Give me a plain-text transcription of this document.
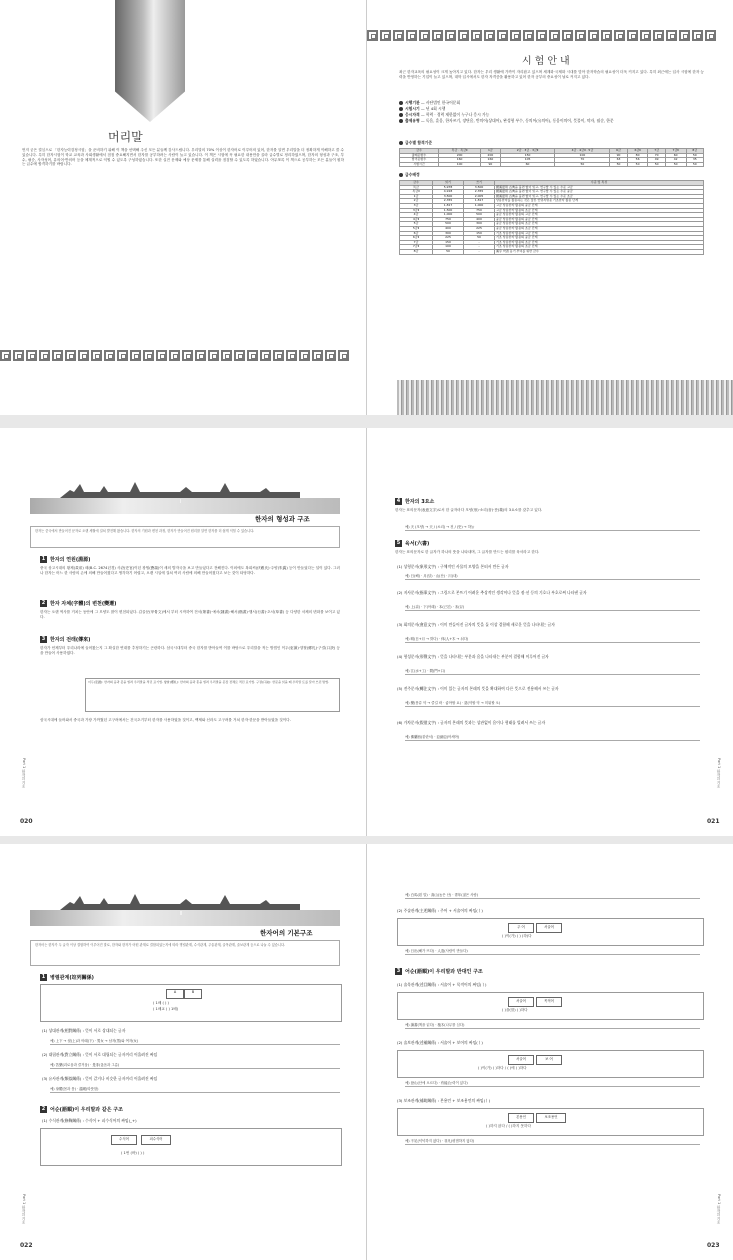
머리말
먼저 굳은 결심으로 「한자능력검정시험」을 준비하기 위해 이 책을 선택해 주신 모든 분들께 감사드립니다. 우리말의 70% 이상이 한자어로 이루어져 있어, 한자를 알면 우리말을 더 정확하게 이해하고 쓸 수 있습니다. 특히 한자시험이 학교 교육과 사회생활에서 점점 중요해지면서 한자를 공부하려는 사람이 늘고 있습니다. 이 책은 시험에 꼭 필요한 내용만을 골라 급수별로 정리하였으며, 한자의 형성과 구조, 부수, 필순, 사자성어, 유의어·반의어 등을 체계적으로 익힐 수 있도록 구성하였습니다. 또한 실전 문제와 예상 문제를 통해 실력을 점검할 수 있도록 하였습니다. 아무쪼록 이 책으로 공부하는 모든 분들이 원하는 급수에 합격하기를 바랍니다.
시험안내
최근 한자교육의 필요성이 크게 높아지고 있다. 한자는 우리 생활에 가까이 자리잡고 있으며 세계화·국제화 시대를 맞아 한자학습의 필요성이 더욱 커지고 있다. 특히 최근에는 입사 시험에 한자 능력을 반영하는 기업이 늘고 있으며, 대학 입시에서도 한자 자격증을 활용하고 있어 한자 공부의 중요성이 날로 커지고 있다.
시행기관 — 사단법인 한국어문회
시험시기 — 년 4회 시행
응시자격 — 학력 · 경력 제한없이 누구나 응시 가능
출제유형 — 독음, 훈음, 한자쓰기, 장단음, 반의어(상대어), 완성형 부수, 동의어(유의어), 동음이의어, 뜻풀이, 약자, 필순, 한문
급수별 합격기준
급수	특급 · 특급Ⅱ	1급	2급 · 3급 · 3급Ⅱ	4급 · 4급Ⅱ · 5급	6급	6급Ⅱ	7급	7급Ⅱ	8급
출제문항수	200	200	150	100	90	80	70	60	50
합격문항수	160	160	105	70	63	56	49	42	35
시험시간	100	90	60	50	50	50	50	50	50
급수배정
급수	읽기	쓰기	수준 및 특성
특급	5,978	3,500	國漢混用 古典을 불편 없이 읽고, 연구할 수 있는 수준 고급
특급Ⅱ	4,918	2,355	國漢混用 古典을 불편 없이 읽고, 연구할 수 있는 수준 중급
1급	3,500	2,005	國漢混用 古典을 불편 없이 읽고, 연구할 수 있는 수준 초급
2급	2,355	1,817	상용한자를 활용하는 것은 물론 인명지명용 기초한자 활용 단계
3급	1,817	1,000	고급 상용한자 활용의 중급 단계
3급Ⅱ	1,500	750	고급 상용한자 활용의 초급 단계
4급	1,000	500	중급 상용한자 활용의 고급 단계
4급Ⅱ	750	400	중급 상용한자 활용의 중급 단계
5급	500	300	중급 상용한자 활용의 초급 단계
5급Ⅱ	400	225	중급 상용한자 활용의 초급 단계
6급	300	150	기초 상용한자 활용의 고급 단계
6급Ⅱ	225	50	기초 상용한자 활용의 중급 단계
7급	150	-	기초 상용한자 활용의 초급 단계
7급Ⅱ	100	-	기초 상용한자 활용의 초급 단계
8급	50	-	漢字 학習 동기 부여를 위한 급수
Ⅰ
한자의 형성과 구조
한자는 중국에서 만들어진 문자로 오랜 세월에 걸쳐 발전해 왔습니다. 한자의 기원과 변천 과정, 한자가 만들어진 원리를 알면 한자를 더 쉽게 익힐 수 있습니다.
1 한자의 연원(淵源)
중국 상고시대의 황제(黃帝) 때(B.C. 2674년경) 사관(史官)이던 창힐(蒼頡)이 새의 발자국을 보고 만들었다고 전해진다. 이외에도 복희씨(伏羲氏)·주양(朱襄) 등이 만들었다는 설이 있다. 그러나 한자는 어느 한 사람의 손에 의해 만들어졌다고 생각하기 어렵고, 오랜 시일에 걸쳐 여러 사람에 의해 만들어졌다고 보는 것이 타당하다.
2 한자 자체(字體)의 변천(變遷)
한자는 오랜 역사를 거치는 동안에 그 모양도 많이 변천되었다. 갑골문(甲骨文)에서 부터 시작하여 전서(篆書)·예서(隸書)·해서(楷書)·행서(行書)·초서(草書) 등 다양한 서체의 변화를 보이고 있다.
3 한자의 전래(傳來)
한자가 언제부터 우리나라에 들어왔는지 그 확실한 연대를 추정하기는 곤란하다. 삼국시대부터 중국 한자를 받아들여 이를 바탕으로 우리말을 적는 방법인 이두(吏讀)·향찰(鄕札)·구결(口訣) 등을 만들어 사용하였다.
이두(吏讀): 한자의 음과 뜻을 빌려 우리말을 적던 표기법. 향찰(鄕札): 한자의 음과 훈을 빌려 우리말을 문장 전체로 적던 표기법. 구결(口訣): 한문을 읽을 때 우리말 토를 달아 쓰던 방법.
삼국시대에 들어와서 중국과 가장 가까웠던 고구려에서는 건국초기부터 한자를 사용하였을 것이고, 백제와 신라도 고구려를 거쳐 한자·한문을 받아들였을 것이다.
Part 1 한자의 기초
020
4 한자의 3요소
한자는 표의문자(表意文字)로서 한 글자마다 모양(形)·소리(音)·뜻(義)의 3요소를 갖추고 있다.
예) 天 (모양) → 天 / (소리) → 천 / (뜻) → 하늘
5 육서(六書)
한자는 표의문자로 한 글자가 하나의 뜻을 나타내며, 그 글자를 만드는 원리를 육서라고 한다.
(1) 상형문자(象形文字) : 구체적인 사물의 모양을 본떠서 만든 글자
예) 日(해) · 月(달) · 山(산) · 川(내)
(2) 지사문자(指事文字) : 그림으로 본뜨기 어려운 추상적인 생각이나 뜻을 점·선 등의 기호나 부호로써 나타낸 글자
예) 上(위) · 下(아래) · 本(근본) · 末(끝)
(3) 회의문자(會意文字) : 이미 만들어진 글자의 뜻을 둘 이상 결합해 새로운 뜻을 나타내는 글자
예) 明(日+月 → 밝다) · 休(人+木 → 쉬다)
(4) 형성문자(形聲文字) : 뜻을 나타내는 부분과 음을 나타내는 부분이 결합해 이루어진 글자
예) 江(水+工) · 問(門+口)
(5) 전주문자(轉注文字) : 이미 있는 글자의 본래의 뜻을 확대하여 다른 뜻으로 전용해서 쓰는 글자
예) 樂(풍류 악 → 즐길 락 · 좋아할 요) · 惡(악할 악 → 미워할 오)
(6) 가차문자(假借文字) : 글자의 본래의 뜻과는 상관없이 음이나 형태를 빌려서 쓰는 글자
예) 佛蘭西(불란서) · 亞細亞(아세아)
Part 1 한자의 기초
021
Ⅱ
한자어의 기본구조
한자어는 한자가 두 글자 이상 결합하여 이루어진 말로, 한자와 한자가 어떤 관계로 결합되었는지에 따라 병렬관계, 수식관계, 주술관계, 술목관계, 술보관계 등으로 나눌 수 있습니다.
1 병렬관계(竝列關係)
A	B
( 1배 ( ) )
( 1배교 ( ) 1배)
(1) 상대관계(相對關係) : 뜻이 서로 상대되는 글자
예) 上下 → 윗(上)과 아래(下) · 男女 → 남자(男)와 여자(女)
(2) 대립관계(對立關係) : 뜻이 서로 대립되는 글자끼리 어울려진 짜임
예) 苦樂(괴로움과 즐거움) · 是非(옳음과 그름)
(3) 유사관계(類似關係) : 뜻이 같거나 비슷한 글자끼리 어울려진 짜임
예) 身體(몸과 몸) · 溫暖(따뜻함)
2 어순(語順)이 우리말과 같은 구조
(1) 수식관계(修飾關係) : 수식어 + 피수식어의 짜임(_+)
수식어	피수식어
( 1번 (바) ( ) )
Part 1 한자의 기초
022
예) 白馬(흰 말) · 高山(높은 산) · 靑年(젊은 사람)
(2) 주술관계(主述關係) : 주어 + 서술어의 짜임(ㅣ)
주 어	서술어
( )이(가) ( ) (하)다
예) 日出(해가 뜨다) · 人造(사람이 만들다)
3 어순(語順)이 우리말과 반대인 구조
(1) 술목관계(述目關係) : 서술어 + 목적어의 짜임(ㅣ)
서술어	목적어
( )을(를) ( )하다
예) 讀書(책을 읽다) · 植木(나무를 심다)
(2) 술보관계(述補關係) : 서술어 + 보어의 짜임(ㅣ)
서술어	보 어
( )이(가) ( )하다 / ( )에 ( )하다
예) 登山(산에 오르다) · 有能(능력이 있다)
(3) 보조관계(補助關係) : 본용언 + 보조용언의 짜임(ㅣ)
본용언	보조용언
( )하지 않다 / ( )하지 못하다
예) 不足(넉넉하지 않다) · 非凡(평범하지 않다)
Part 1 한자의 기초
023
